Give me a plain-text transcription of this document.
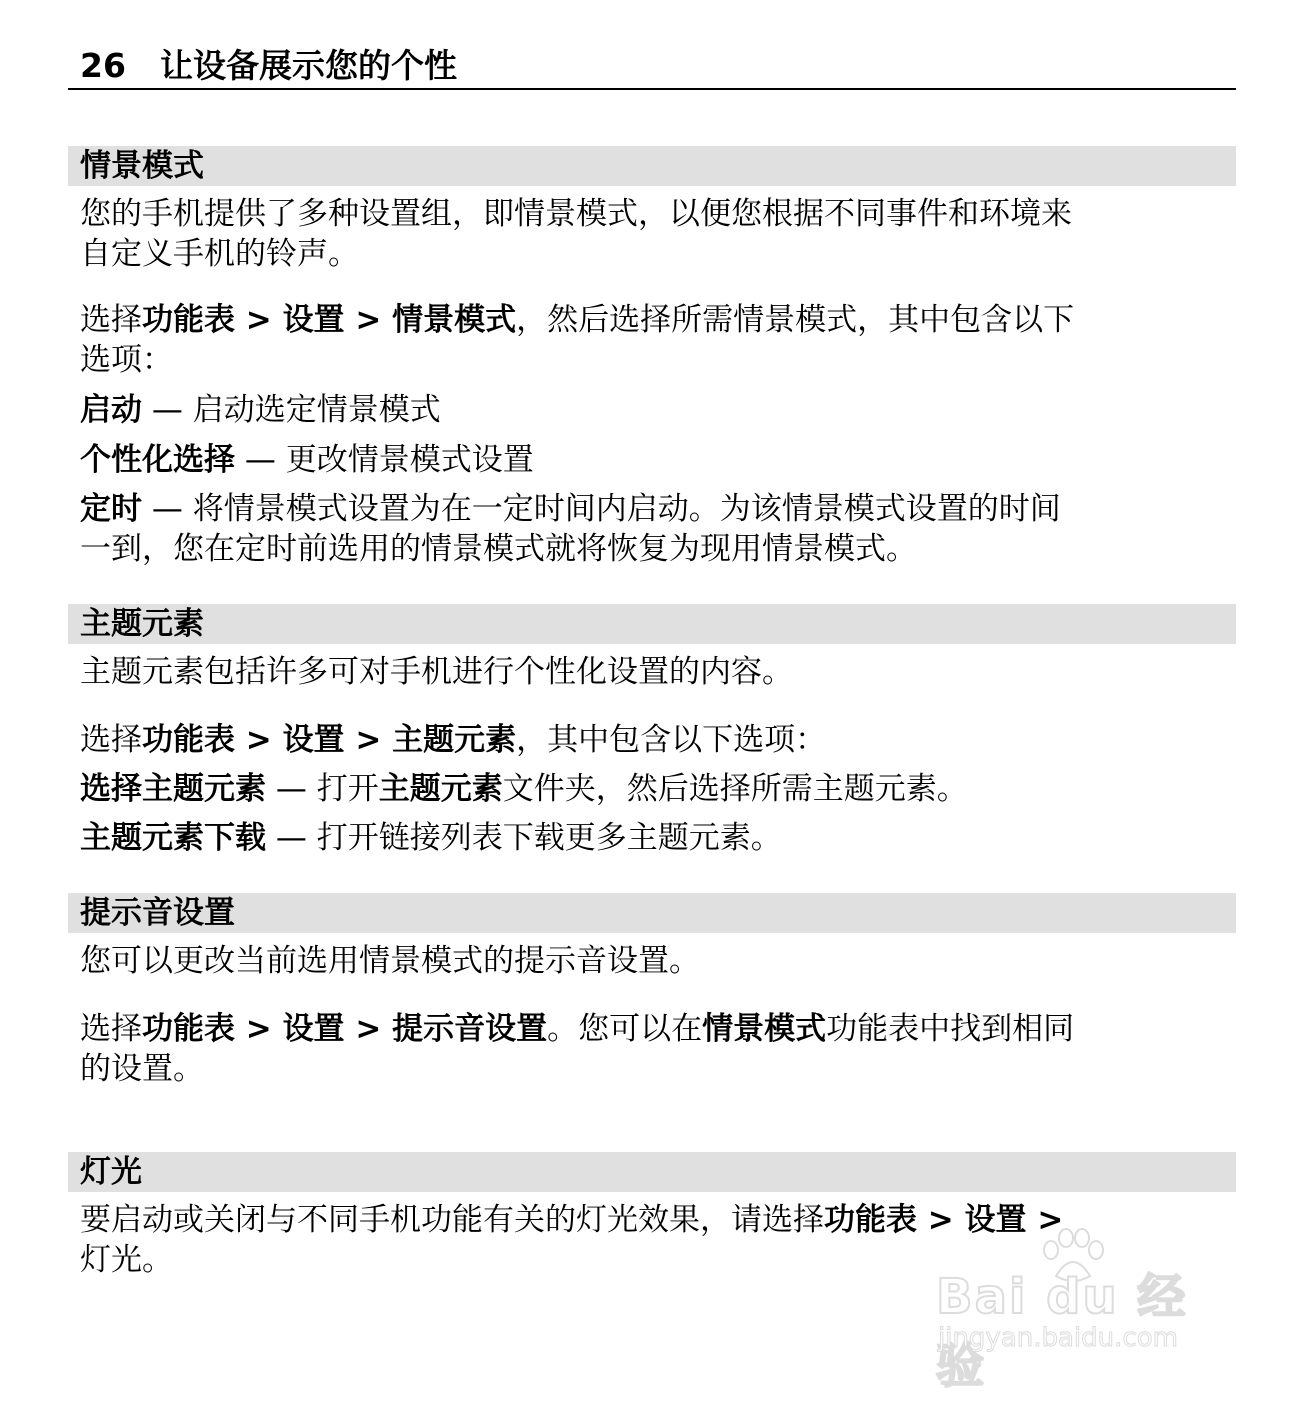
26 让设备展示您的个性
情景模式
您的手机提供了多种设置组，即情景模式，以便您根据不同事件和环境来
自定义手机的铃声。
选择功能表 > 设置 > 情景模式，然后选择所需情景模式，其中包含以下
选项：
启动 — 启动选定情景模式
个性化选择 — 更改情景模式设置
定时 — 将情景模式设置为在一定时间内启动。为该情景模式设置的时间
一到，您在定时前选用的情景模式就将恢复为现用情景模式。
主题元素
主题元素包括许多可对手机进行个性化设置的内容。
选择功能表 > 设置 > 主题元素，其中包含以下选项：
选择主题元素 — 打开主题元素文件夹，然后选择所需主题元素。
主题元素下载 — 打开链接列表下载更多主题元素。
提示音设置
您可以更改当前选用情景模式的提示音设置。
选择功能表 > 设置 > 提示音设置。您可以在情景模式功能表中找到相同
的设置。
灯光
要启动或关闭与不同手机功能有关的灯光效果，请选择功能表 > 设置 >
灯光。
Bai du 经验
jingyan.baidu.com
